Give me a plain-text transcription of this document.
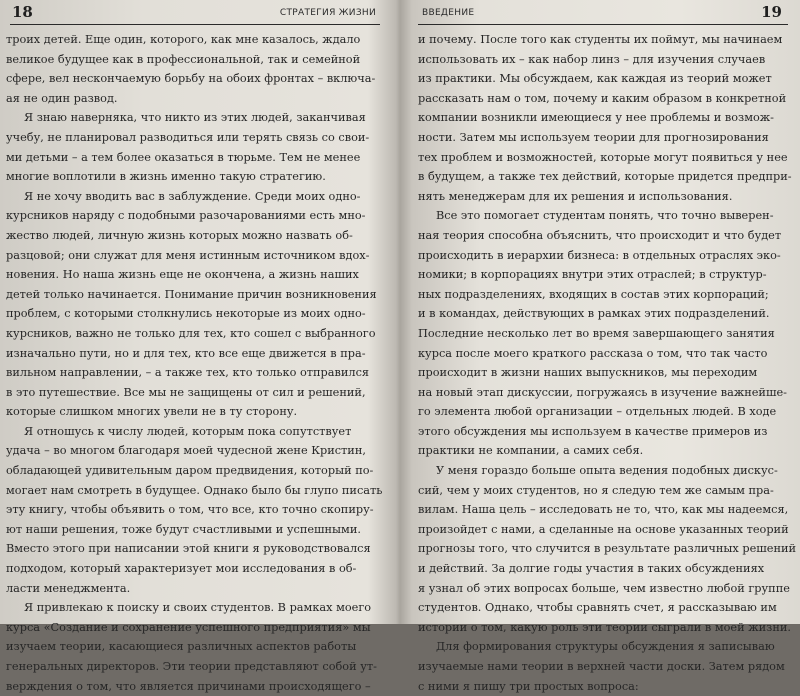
18	СТРАТЕГИЯ ЖИЗНИ
троих детей. Еще один, которого, как мне казалось, ждало
великое будущее как в профессиональной, так и семейной
сфере, вел нескончаемую борьбу на обоих фронтах – включа-
ая не один развод.
Я знаю наверняка, что никто из этих людей, заканчивая
учебу, не планировал разводиться или терять связь со свои-
ми детьми – а тем более оказаться в тюрьме. Тем не менее
многие воплотили в жизнь именно такую стратегию.
Я не хочу вводить вас в заблуждение. Среди моих одно-
курсников наряду с подобными разочарованиями есть мно-
жество людей, личную жизнь которых можно назвать об-
разцовой; они служат для меня истинным источником вдох-
новения. Но наша жизнь еще не окончена, а жизнь наших
детей только начинается. Понимание причин возникновения
проблем, с которыми столкнулись некоторые из моих одно-
курсников, важно не только для тех, кто сошел с выбранного
изначально пути, но и для тех, кто все еще движется в пра-
вильном направлении, – а также тех, кто только отправился
в это путешествие. Все мы не защищены от сил и решений,
которые слишком многих увели не в ту сторону.
Я отношусь к числу людей, которым пока сопутствует
удача – во многом благодаря моей чудесной жене Кристин,
обладающей удивительным даром предвидения, который по-
могает нам смотреть в будущее. Однако было бы глупо писать
эту книгу, чтобы объявить о том, что все, кто точно скопиру-
ют наши решения, тоже будут счастливыми и успешными.
Вместо этого при написании этой книги я руководствовался
подходом, который характеризует мои исследования в об-
ласти менеджмента.
Я привлекаю к поиску и своих студентов. В рамках моего
курса «Создание и сохранение успешного предприятия» мы
изучаем теории, касающиеся различных аспектов работы
генеральных директоров. Эти теории представляют собой ут-
верждения о том, что является причинами происходящего –
ВВЕДЕНИЕ	19
и почему. После того как студенты их поймут, мы начинаем
использовать их – как набор линз – для изучения случаев
из практики. Мы обсуждаем, как каждая из теорий может
рассказать нам о том, почему и каким образом в конкретной
компании возникли имеющиеся у нее проблемы и возмож-
ности. Затем мы используем теории для прогнозирования
тех проблем и возможностей, которые могут появиться у нее
в будущем, а также тех действий, которые придется предпри-
нять менеджерам для их решения и использования.
Все это помогает студентам понять, что точно выверен-
ная теория способна объяснить, что происходит и что будет
происходить в иерархии бизнеса: в отдельных отраслях эко-
номики; в корпорациях внутри этих отраслей; в структур-
ных подразделениях, входящих в состав этих корпораций;
и в командах, действующих в рамках этих подразделений.
Последние несколько лет во время завершающего занятия
курса после моего краткого рассказа о том, что так часто
происходит в жизни наших выпускников, мы переходим
на новый этап дискуссии, погружаясь в изучение важнейше-
го элемента любой организации – отдельных людей. В ходе
этого обсуждения мы используем в качестве примеров из
практики не компании, а самих себя.
У меня гораздо больше опыта ведения подобных дискус-
сий, чем у моих студентов, но я следую тем же самым пра-
вилам. Наша цель – исследовать не то, что, как мы надеемся,
произойдет с нами, а сделанные на основе указанных теорий
прогнозы того, что случится в результате различных решений
и действий. За долгие годы участия в таких обсуждениях
я узнал об этих вопросах больше, чем известно любой группе
студентов. Однако, чтобы сравнять счет, я рассказываю им
истории о том, какую роль эти теории сыграли в моей жизни.
Для формирования структуры обсуждения я записываю
изучаемые нами теории в верхней части доски. Затем рядом
с ними я пишу три простых вопроса:
